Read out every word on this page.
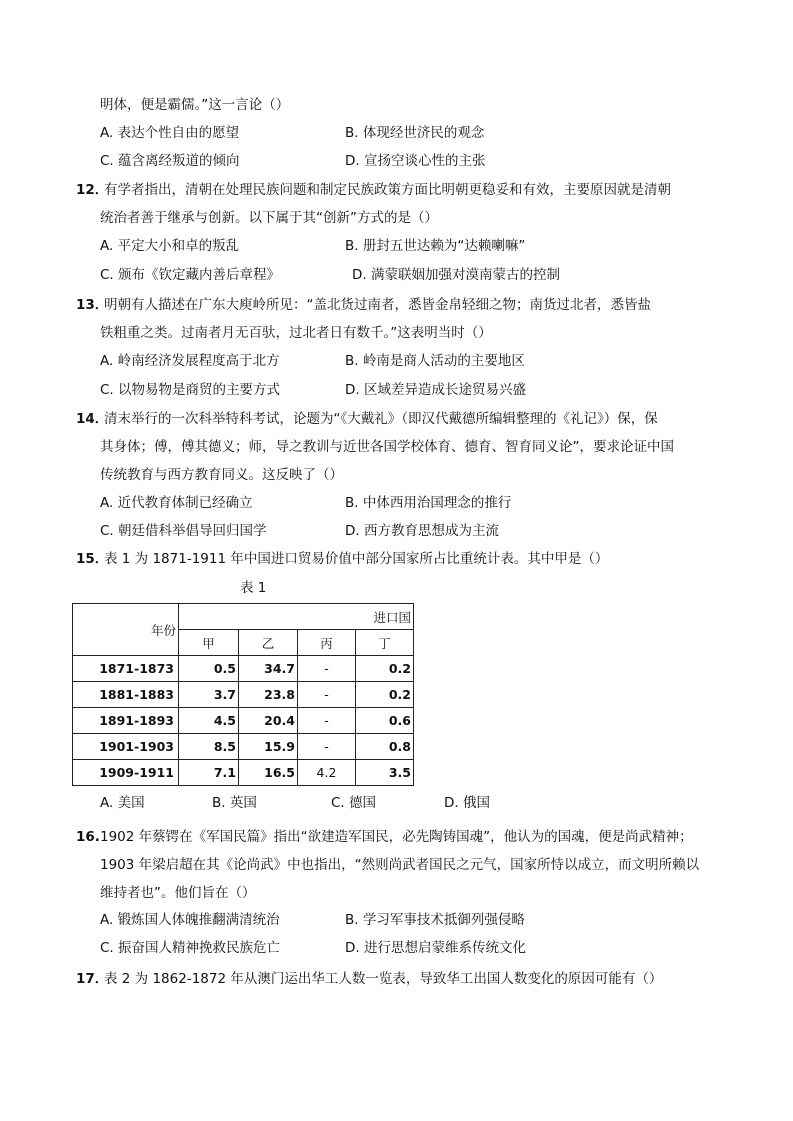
明体，便是霸儒。”这一言论（）
A. 表达个性自由的愿望	B. 体现经世济民的观念
C. 蕴含离经叛道的倾向	D. 宣扬空谈心性的主张
12．
有学者指出，清朝在处理民族问题和制定民族政策方面比明朝更稳妥和有效，主要原因就是清朝
统治者善于继承与创新。以下属于其“创新”方式的是（）
A. 平定大小和卓的叛乱	B. 册封五世达赖为“达赖喇嘛”
C. 颁布《钦定藏内善后章程》	D. 满蒙联姻加强对漠南蒙古的控制
13．
明朝有人描述在广东大庾岭所见：“盖北货过南者，悉皆金帛轻细之物；南货过北者，悉皆盐
铁粗重之类。过南者月无百驮，过北者日有数千。”这表明当时（）
A. 岭南经济发展程度高于北方	B. 岭南是商人活动的主要地区
C. 以物易物是商贸的主要方式	D. 区域差异造成长途贸易兴盛
14．
清末举行的一次科举特科考试，论题为“《大戴礼》（即汉代戴德所编辑整理的《礼记》）保，保
其身体；傅，傅其德义；师，导之教训与近世各国学校体育、德育、智育同义论”，要求论证中国
传统教育与西方教育同义。这反映了（）
A. 近代教育体制已经确立	B. 中体西用治国理念的推行
C. 朝廷借科举倡导回归国学	D. 西方教育思想成为主流
15．
表 1 为 1871-1911 年中国进口贸易价值中部分国家所占比重统计表。其中甲是（）
表 1
年份	进口国			
	甲	乙	丙	丁
1871-1873	0.5	34.7	-	0.2
1881-1883	3.7	23.8	-	0.2
1891-1893	4.5	20.4	-	0.6
1901-1903	8.5	15.9	-	0.8
1909-1911	7.1	16.5	4.2	3.5
A. 美国	B. 英国	C. 德国	D. 俄国
16. 1902 年蔡锷在《军国民篇》指出“欲建造军国民，必先陶铸国魂”，他认为的国魂，便是尚武精神；
1903 年梁启超在其《论尚武》中也指出，“然则尚武者国民之元气，国家所恃以成立，而文明所赖以
维持者也”。他们旨在（）
A. 锻炼国人体魄推翻满清统治	B. 学习军事技术抵御列强侵略
C. 振奋国人精神挽救民族危亡	D. 进行思想启蒙维系传统文化
17．
表 2 为 1862-1872 年从澳门运出华工人数一览表，导致华工出国人数变化的原因可能有（）
